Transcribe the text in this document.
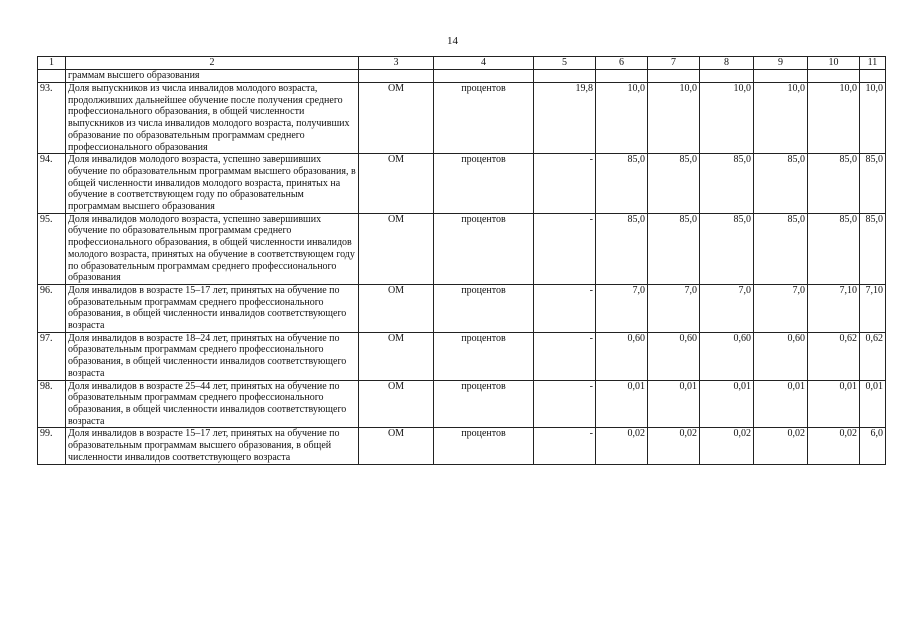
14
1	2	3	4	5	6	7	8	9	10	11
	граммам высшего образования									
93.	Доля выпускников из числа инвалидов молодого возраста, продолживших дальнейшее обучение после получения среднего профессионального образования, в общей численности выпускников из числа инвалидов молодого возраста, получивших образование по образовательным программам среднего профессионального образования	ОМ	процентов	19,8	10,0	10,0	10,0	10,0	10,0	10,0
94.	Доля инвалидов молодого возраста, успешно завершивших обучение по образовательным программам высшего образования, в общей численности инвалидов молодого возраста, принятых на обучение в соответствующем году по образовательным программам высшего образования	ОМ	процентов	-	85,0	85,0	85,0	85,0	85,0	85,0
95.	Доля инвалидов молодого возраста, успешно завершивших обучение по образовательным программам среднего профессионального образования, в общей численности инвалидов молодого возраста, принятых на обучение в соответствующем году по образовательным программам среднего профессионального образования	ОМ	процентов	-	85,0	85,0	85,0	85,0	85,0	85,0
96.	Доля инвалидов в возрасте 15–17 лет, принятых на обучение по образовательным программам среднего профессионального образования, в общей численности инвалидов соответствующего возраста	ОМ	процентов	-	7,0	7,0	7,0	7,0	7,10	7,10
97.	Доля инвалидов в возрасте 18–24 лет, принятых на обучение по образовательным программам среднего профессионального образования, в общей численности инвалидов соответствующего возраста	ОМ	процентов	-	0,60	0,60	0,60	0,60	0,62	0,62
98.	Доля инвалидов в возрасте 25–44 лет, принятых на обучение по образовательным программам среднего профессионального образования, в общей численности инвалидов соответствующего возраста	ОМ	процентов	-	0,01	0,01	0,01	0,01	0,01	0,01
99.	Доля инвалидов в возрасте 15–17 лет, принятых на обучение по образовательным программам высшего образования, в общей численности инвалидов соответствующего возраста	ОМ	процентов	-	0,02	0,02	0,02	0,02	0,02	6,0
